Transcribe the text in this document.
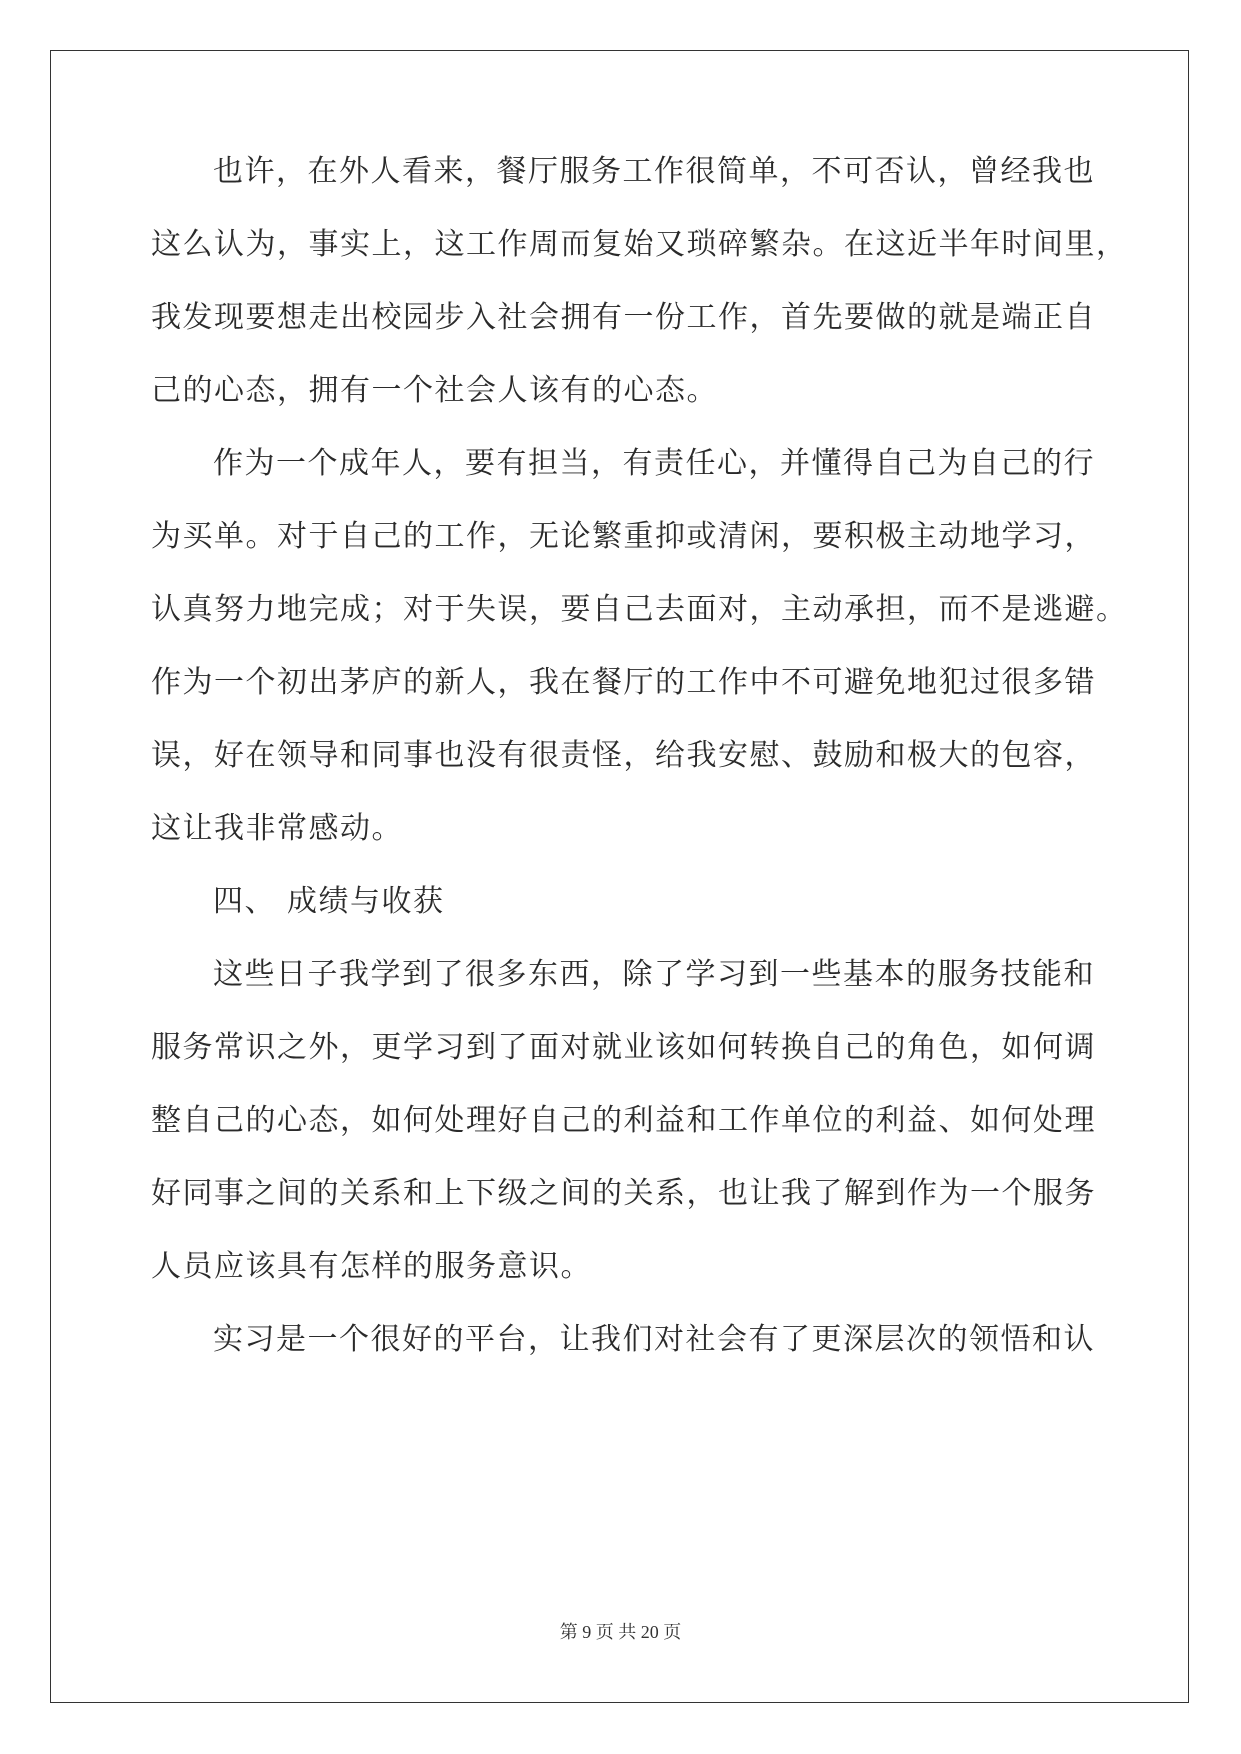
也许，在外人看来，餐厅服务工作很简单，不可否认，曾经我也
这么认为，事实上，这工作周而复始又琐碎繁杂。在这近半年时间里，
我发现要想走出校园步入社会拥有一份工作，首先要做的就是端正自
己的心态，拥有一个社会人该有的心态。
作为一个成年人，要有担当，有责任心，并懂得自己为自己的行
为买单。对于自己的工作，无论繁重抑或清闲，要积极主动地学习，
认真努力地完成；对于失误，要自己去面对，主动承担，而不是逃避。
作为一个初出茅庐的新人，我在餐厅的工作中不可避免地犯过很多错
误，好在领导和同事也没有很责怪，给我安慰、鼓励和极大的包容，
这让我非常感动。
四、 成绩与收获
这些日子我学到了很多东西，除了学习到一些基本的服务技能和
服务常识之外，更学习到了面对就业该如何转换自己的角色，如何调
整自己的心态，如何处理好自己的利益和工作单位的利益、如何处理
好同事之间的关系和上下级之间的关系，也让我了解到作为一个服务
人员应该具有怎样的服务意识。
实习是一个很好的平台，让我们对社会有了更深层次的领悟和认
第 9 页 共 20 页
